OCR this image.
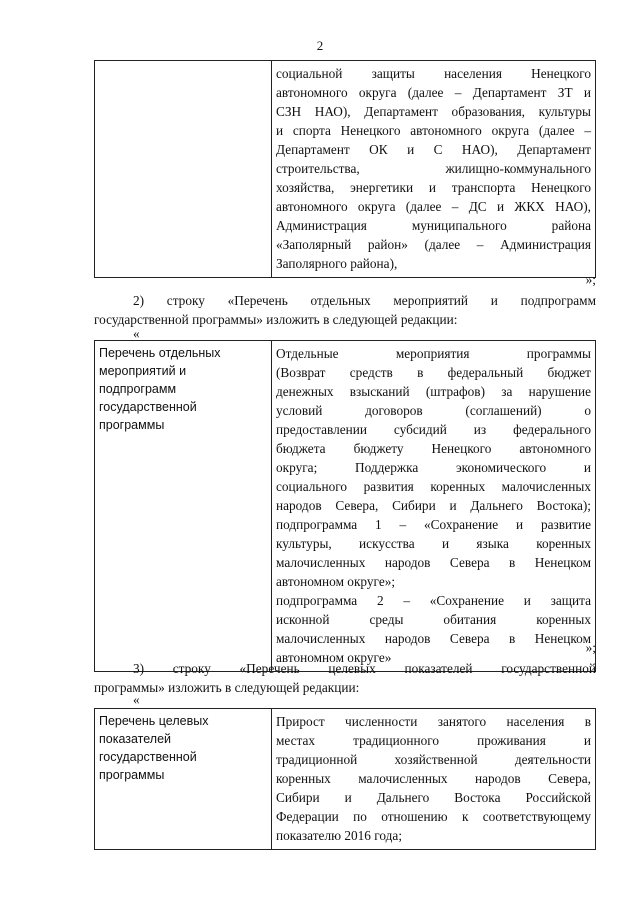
2

социальной защиты населения Ненецкого
автономного округа (далее – Департамент ЗТ и
СЗН НАО), Департамент образования, культуры
и спорта Ненецкого автономного округа (далее –
Департамент ОК и С НАО), Департамент
строительства, жилищно-коммунального
хозяйства, энергетики и транспорта Ненецкого
автономного округа (далее – ДС и ЖКХ НАО),
Администрация муниципального района
«Заполярный район» (далее – Администрация
Заполярного района),
»;
2) строку «Перечень отдельных мероприятий и подпрограмм
государственной программы» изложить в следующей редакции:
«
Перечень отдельных
мероприятий и
подпрограмм
государственной
программы

Отдельные мероприятия программы
(Возврат средств в федеральный бюджет
денежных взысканий (штрафов) за нарушение
условий договоров (соглашений) о
предоставлении субсидий из федерального
бюджета бюджету Ненецкого автономного
округа; Поддержка экономического и
социального развития коренных малочисленных
народов Севера, Сибири и Дальнего Востока);
подпрограмма 1 – «Сохранение и развитие
культуры, искусства и языка коренных
малочисленных народов Севера в Ненецком
автономном округе»;
подпрограмма 2 – «Сохранение и защита
исконной среды обитания коренных
малочисленных народов Севера в Ненецком
автономном округе»
»;
3) строку «Перечень целевых показателей государственной
программы» изложить в следующей редакции:
«
Перечень целевых
показателей
государственной
программы

Прирост численности занятого населения в
местах традиционного проживания и
традиционной хозяйственной деятельности
коренных малочисленных народов Севера,
Сибири и Дальнего Востока Российской
Федерации по отношению к соответствующему
показателю 2016 года;
